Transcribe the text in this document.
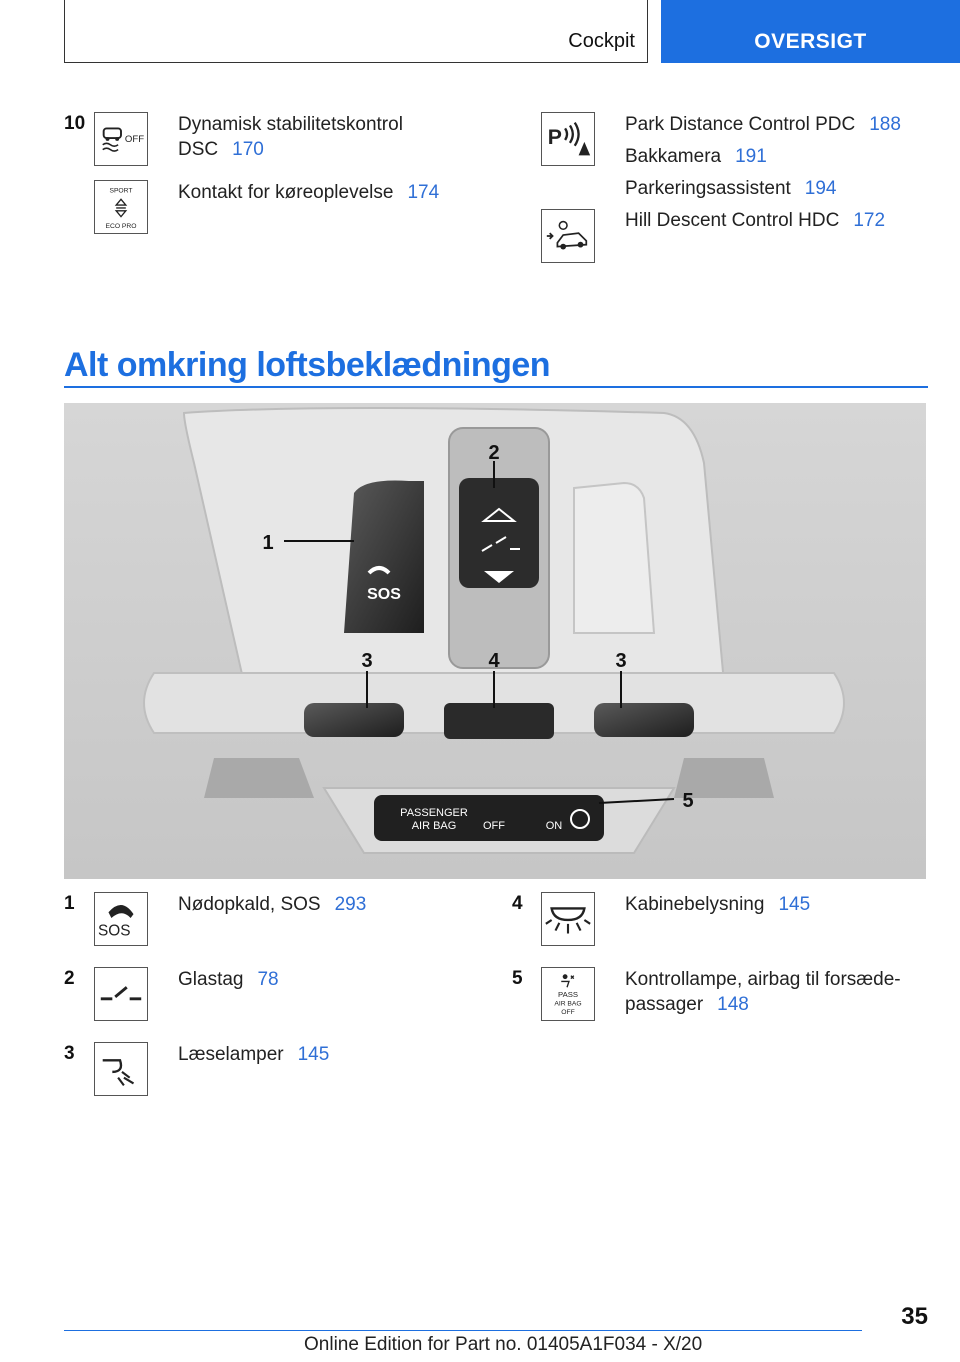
Cockpit	OVERSIGT
10
OFF
Dynamisk stabilitetskontrol
DSC 170
SPORT
ECO PRO
Kontakt for køreoplevelse 174
P
Park Distance Control PDC 188
Bakkamera 191
Parkeringsassistent 194
Hill Descent Control HDC 172
Alt omkring loftsbeklædningen
SOS
PASSENGER
AIR BAG OFF	ON
1
2
3	4	3
5
1
SOS
Nødopkald, SOS 293
2	Glastag 78
3	Læselamper 145
4	Kabinebelysning 145
5
PASS
AIR BAG
OFF
Kontrollampe, airbag til forsæde-
passager 148
35
Online Edition for Part no. 01405A1F034 - X/20
